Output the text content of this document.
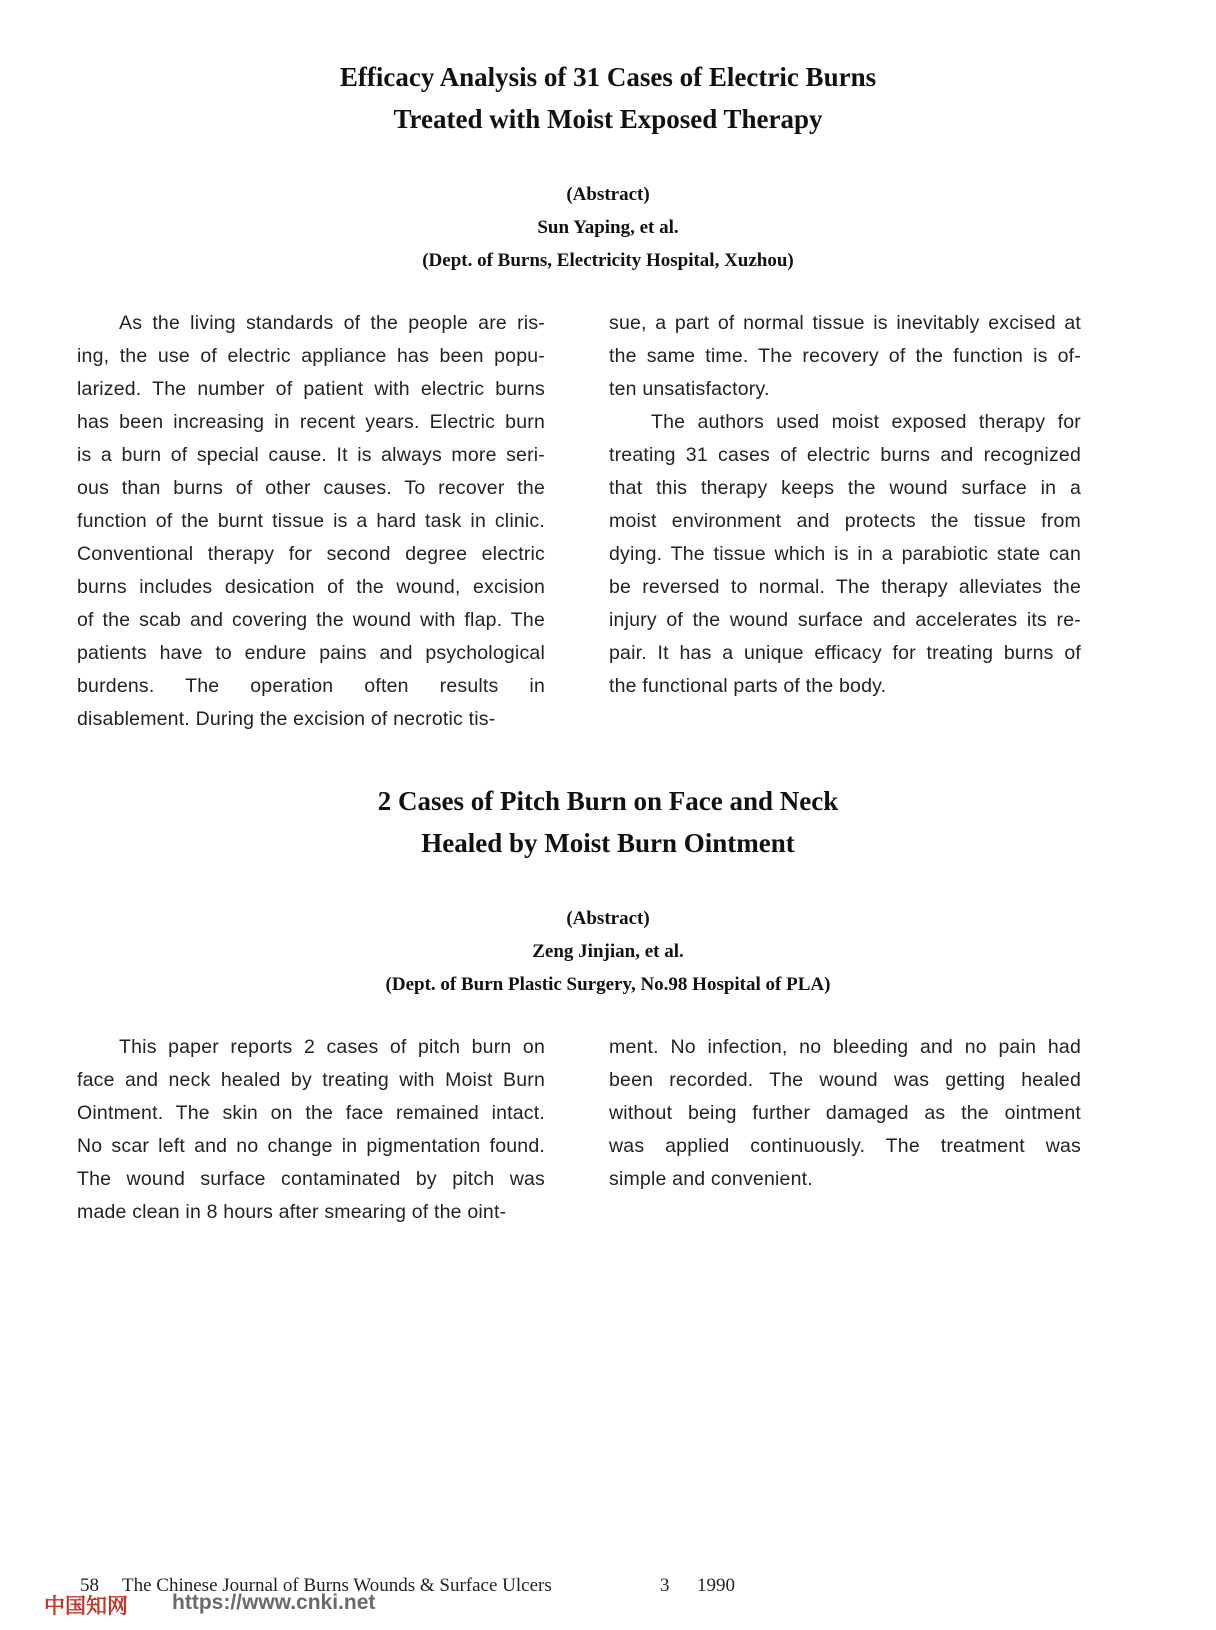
Efficacy Analysis of 31 Cases of Electric Burns
Treated with Moist Exposed Therapy
(Abstract)
Sun Yaping, et al.
(Dept. of Burns, Electricity Hospital, Xuzhou)
As the living standards of the people are ris-
ing, the use of electric appliance has been popu-
larized. The number of patient with electric burns
has been increasing in recent years. Electric burn
is a burn of special cause. It is always more seri-
ous than burns of other causes. To recover the
function of the burnt tissue is a hard task in clinic.
Conventional therapy for second degree electric
burns includes desication of the wound, excision
of the scab and covering the wound with flap. The
patients have to endure pains and psychological
burdens. The operation often results in
disablement. During the excision of necrotic tis-
sue, a part of normal tissue is inevitably excised at
the same time. The recovery of the function is of-
ten unsatisfactory.
The authors used moist exposed therapy for
treating 31 cases of electric burns and recognized
that this therapy keeps the wound surface in a
moist environment and protects the tissue from
dying. The tissue which is in a parabiotic state can
be reversed to normal. The therapy alleviates the
injury of the wound surface and accelerates its re-
pair. It has a unique efficacy for treating burns of
the functional parts of the body.
2 Cases of Pitch Burn on Face and Neck
Healed by Moist Burn Ointment
(Abstract)
Zeng Jinjian, et al.
(Dept. of Burn Plastic Surgery, No.98 Hospital of PLA)
This paper reports 2 cases of pitch burn on
face and neck healed by treating with Moist Burn
Ointment. The skin on the face remained intact.
No scar left and no change in pigmentation found.
The wound surface contaminated by pitch was
made clean in 8 hours after smearing of the oint-
ment. No infection, no bleeding and no pain had
been recorded. The wound was getting healed
without being further damaged as the ointment
was applied continuously. The treatment was
simple and convenient.
58 The Chinese Journal of Burns Wounds & Surface Ulcers	3 1990
中国知网 https://www.cnki.net
